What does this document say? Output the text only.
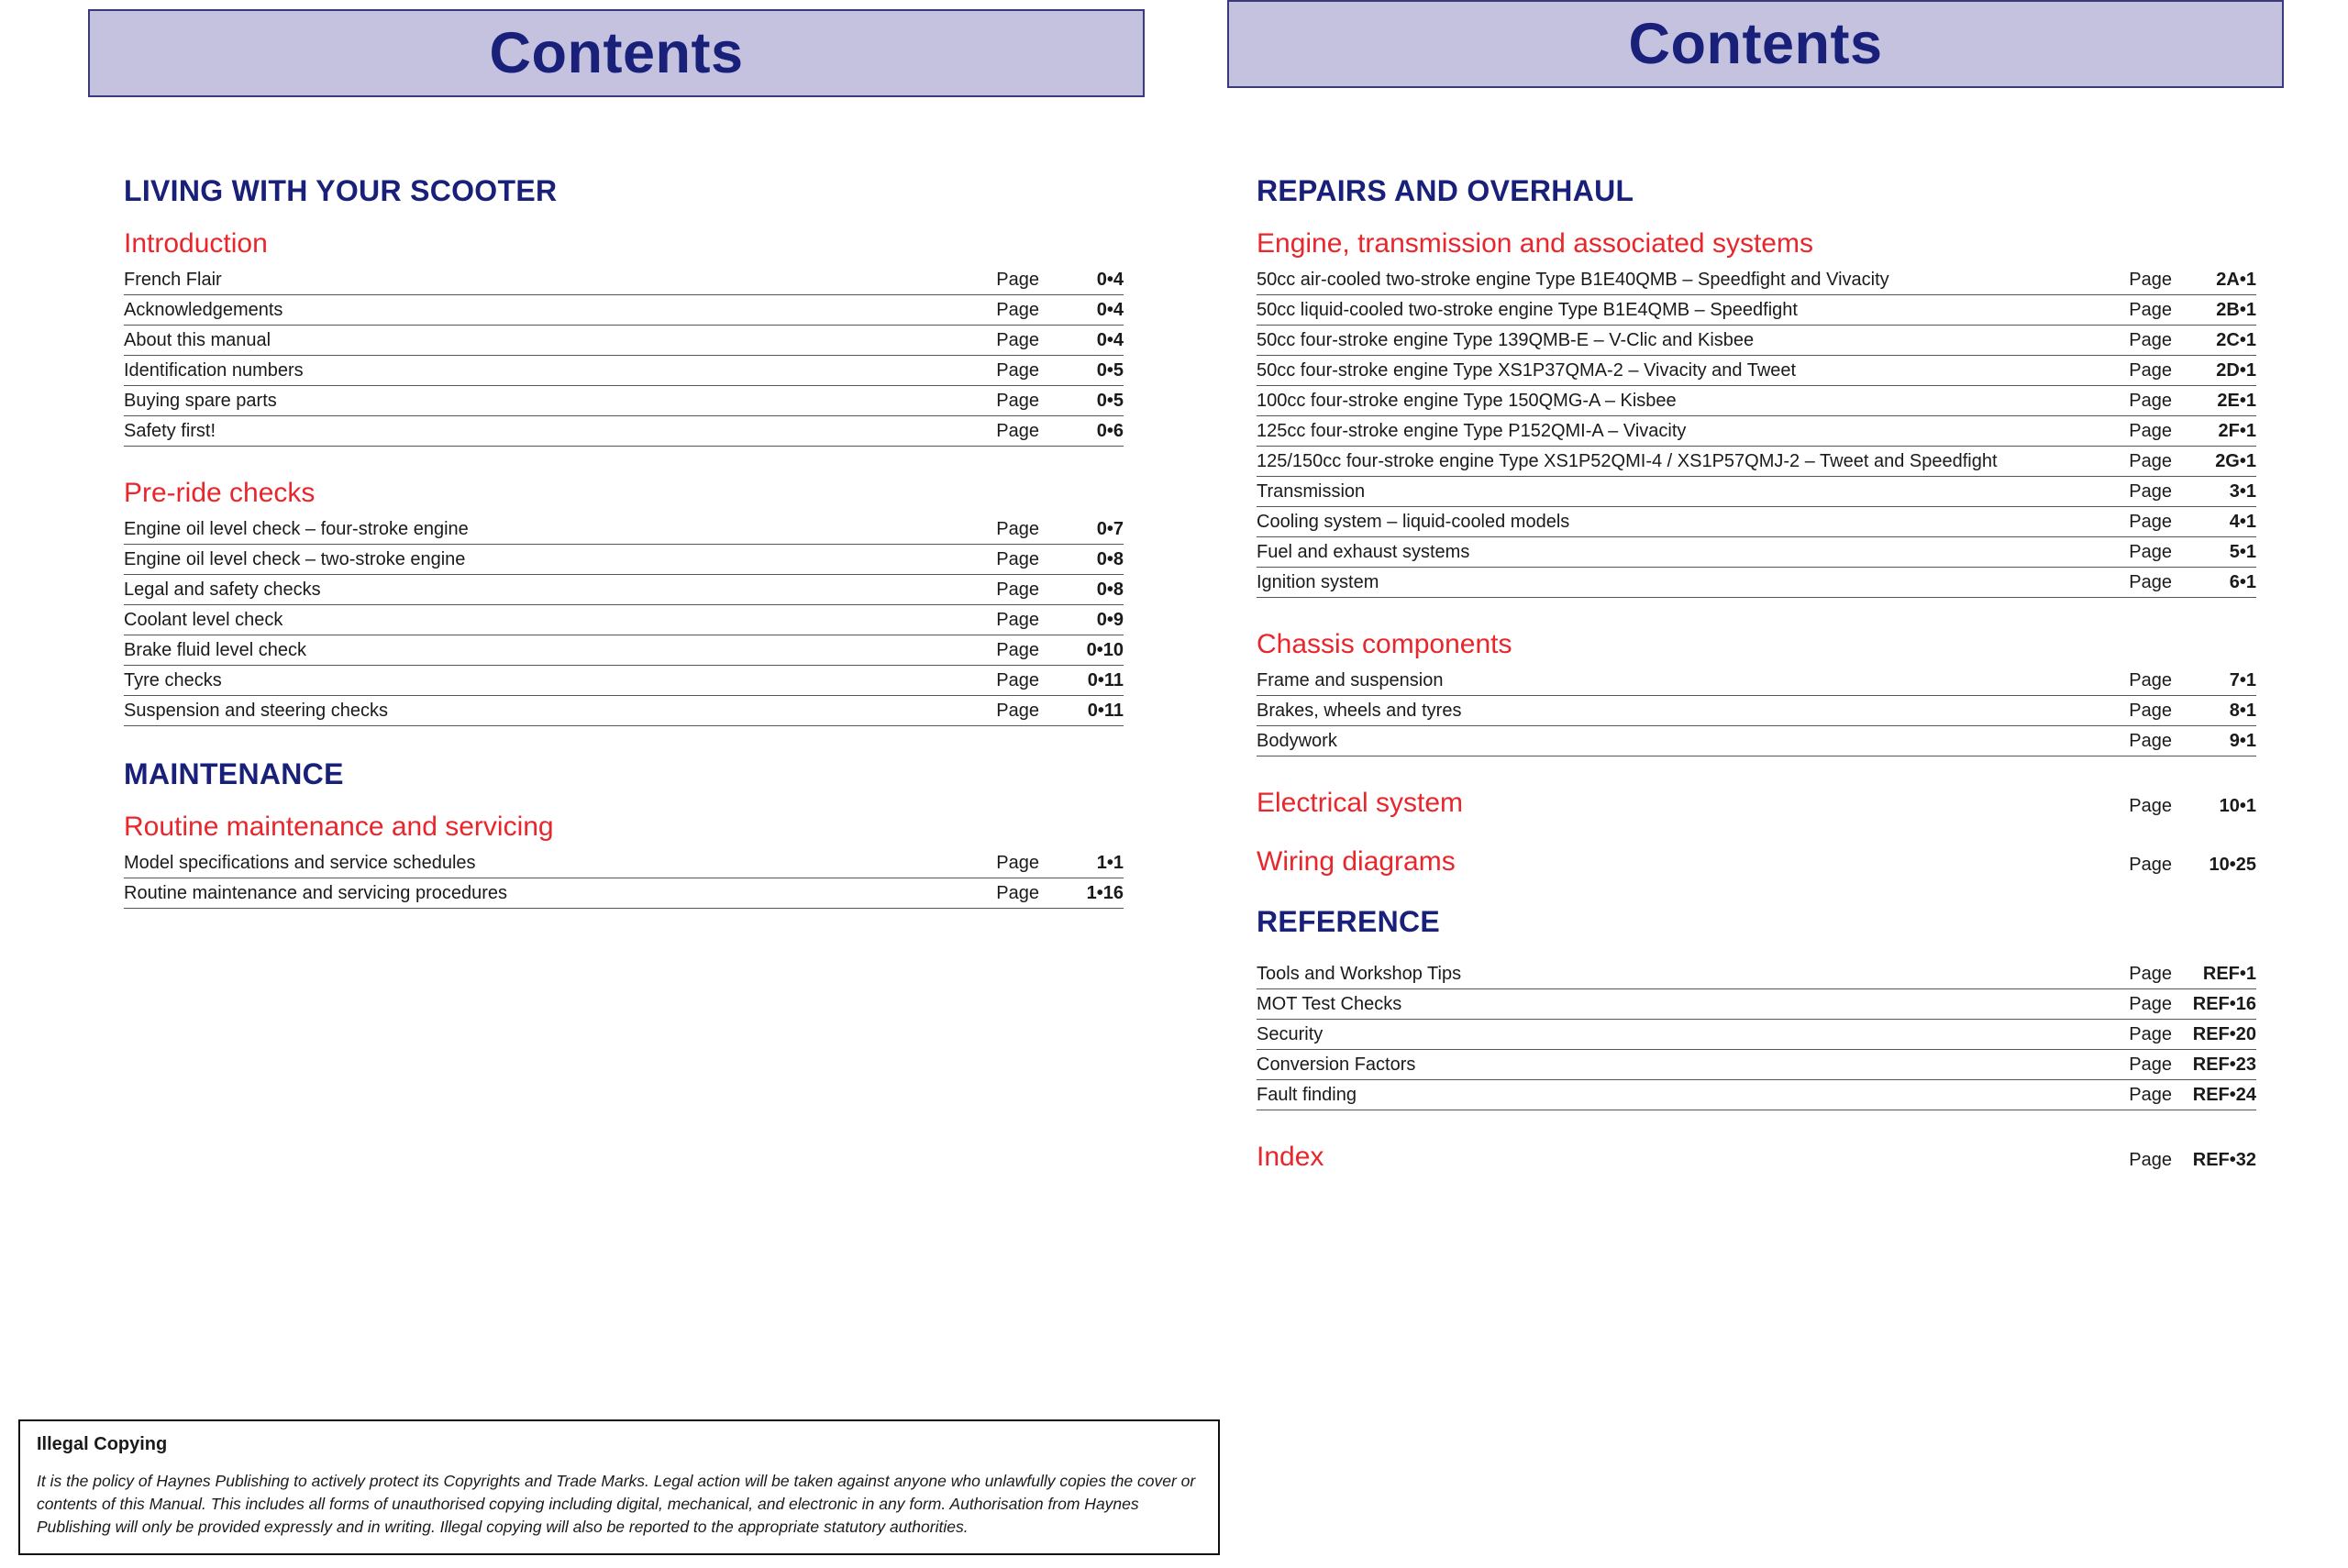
Contents	Contents
LIVING WITH YOUR SCOOTER
Introduction
French Flair	Page	0•4
Acknowledgements	Page	0•4
About this manual	Page	0•4
Identification numbers	Page	0•5
Buying spare parts	Page	0•5
Safety first!	Page	0•6
Pre-ride checks
Engine oil level check – four-stroke engine	Page	0•7
Engine oil level check – two-stroke engine	Page	0•8
Legal and safety checks	Page	0•8
Coolant level check	Page	0•9
Brake fluid level check	Page	0•10
Tyre checks	Page	0•11
Suspension and steering checks	Page	0•11
MAINTENANCE
Routine maintenance and servicing
Model specifications and service schedules	Page	1•1
Routine maintenance and servicing procedures	Page	1•16
REPAIRS AND OVERHAUL
Engine, transmission and associated systems
50cc air-cooled two-stroke engine Type B1E40QMB – Speedfight and Vivacity	Page	2A•1
50cc liquid-cooled two-stroke engine Type B1E4QMB – Speedfight	Page	2B•1
50cc four-stroke engine Type 139QMB-E – V-Clic and Kisbee	Page	2C•1
50cc four-stroke engine Type XS1P37QMA-2 – Vivacity and Tweet	Page	2D•1
100cc four-stroke engine Type 150QMG-A – Kisbee	Page	2E•1
125cc four-stroke engine Type P152QMI-A – Vivacity	Page	2F•1
125/150cc four-stroke engine Type XS1P52QMI-4 / XS1P57QMJ-2 – Tweet and Speedfight	Page	2G•1
Transmission	Page	3•1
Cooling system – liquid-cooled models	Page	4•1
Fuel and exhaust systems	Page	5•1
Ignition system	Page	6•1
Chassis components
Frame and suspension	Page	7•1
Brakes, wheels and tyres	Page	8•1
Bodywork	Page	9•1
Electrical system	Page	10•1
Wiring diagrams	Page	10•25
REFERENCE
Tools and Workshop Tips	Page	REF•1
MOT Test Checks	Page	REF•16
Security	Page	REF•20
Conversion Factors	Page	REF•23
Fault finding	Page	REF•24
Index	Page	REF•32
Illegal Copying
It is the policy of Haynes Publishing to actively protect its Copyrights and Trade Marks. Legal action will be taken against anyone who unlawfully copies the cover or contents of this Manual. This includes all forms of unauthorised copying including digital, mechanical, and electronic in any form. Authorisation from Haynes Publishing will only be provided expressly and in writing. Illegal copying will also be reported to the appropriate statutory authorities.
